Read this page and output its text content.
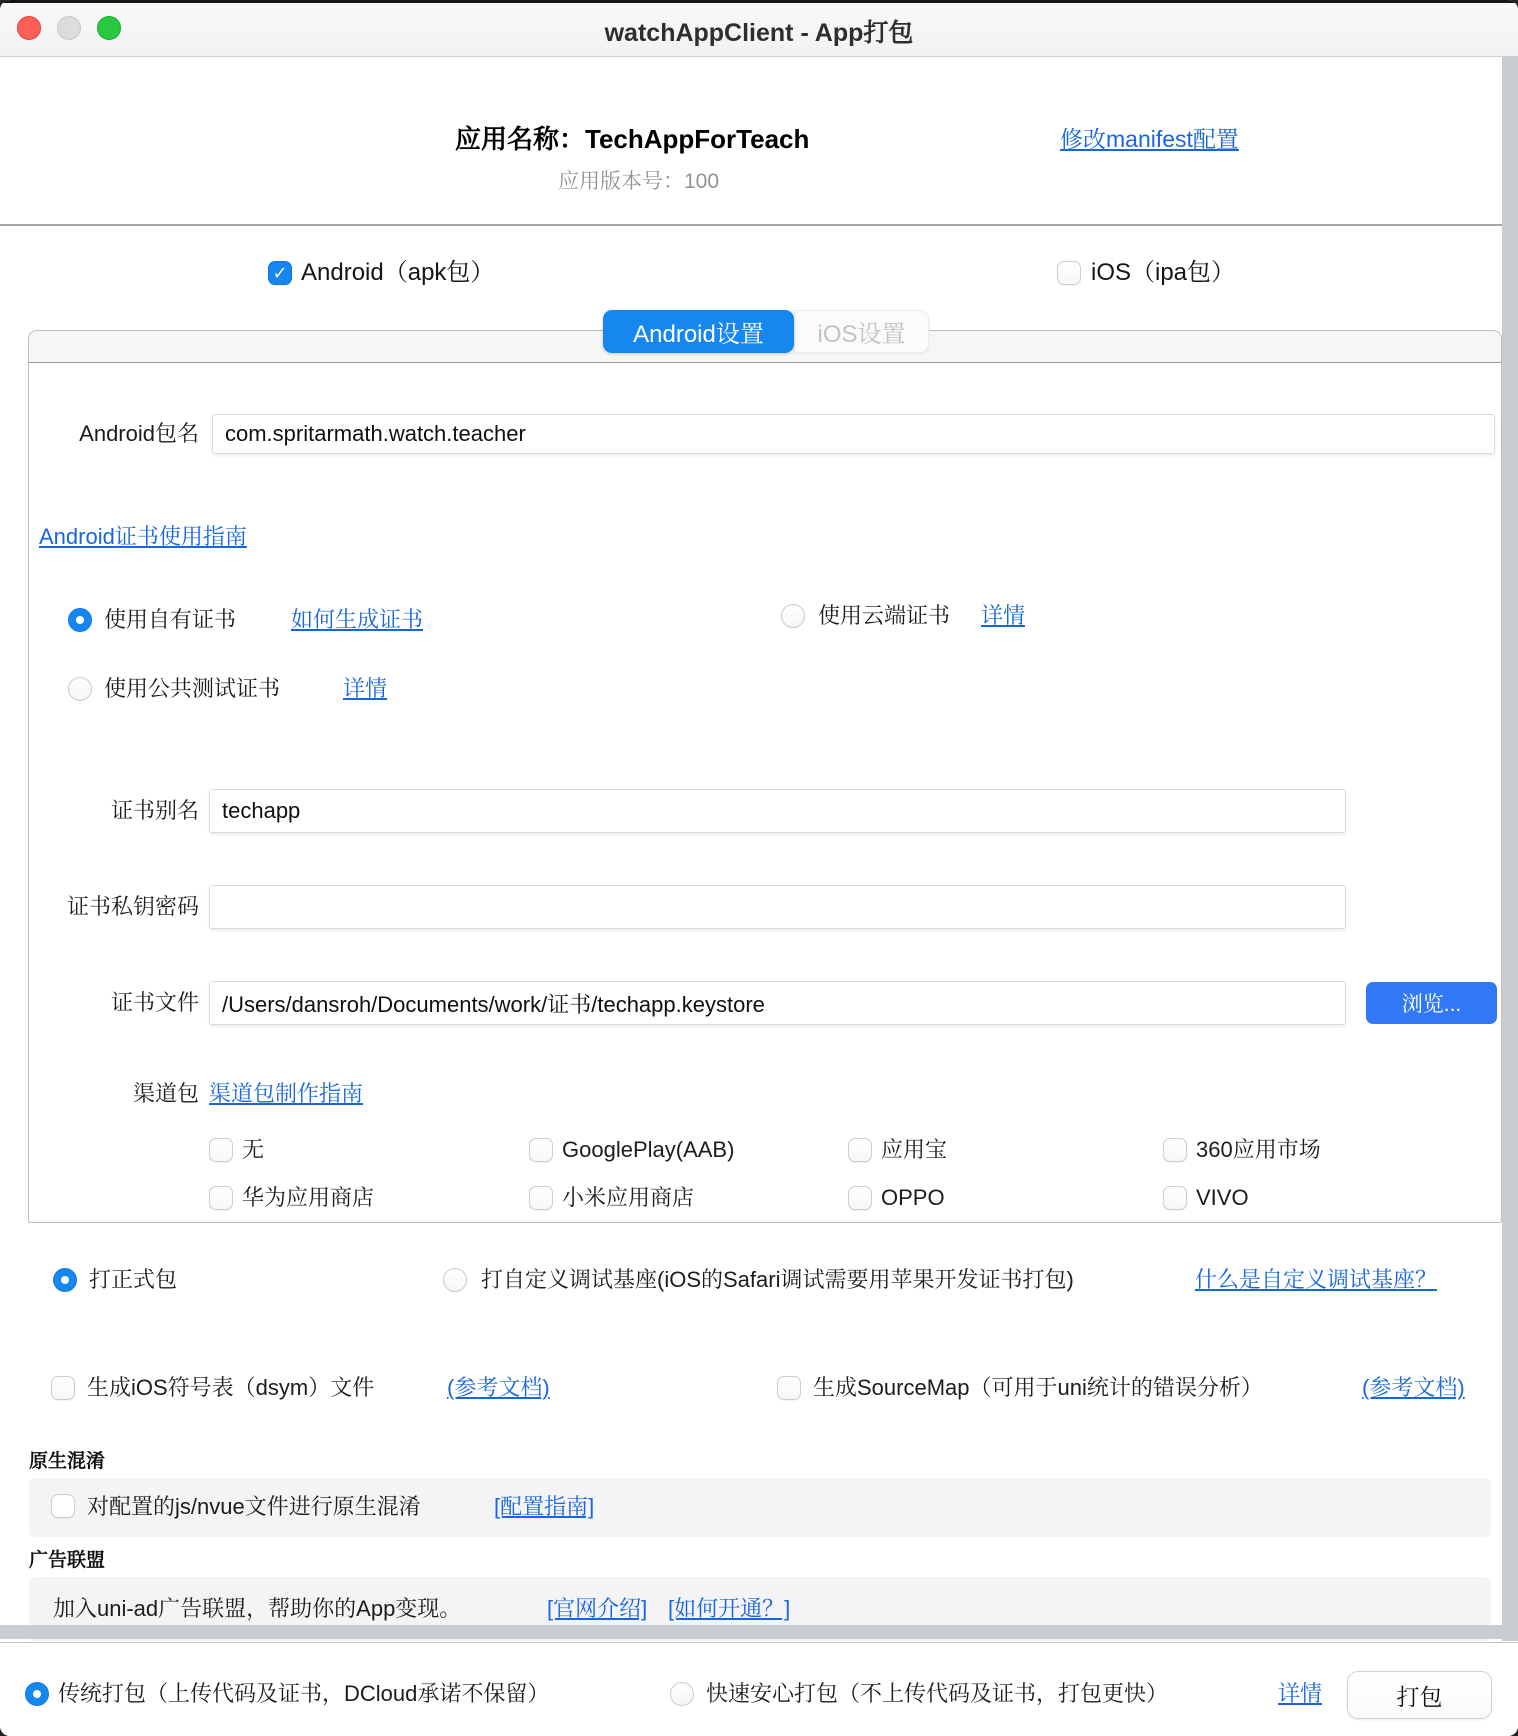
watchAppClient - App打包
应用名称：TechAppForTeach	修改manifest配置
应用版本号：100
✓
Android（apk包）	iOS（ipa包）
iOS设置
Android设置
Android包名	com.spritarmath.watch.teacher
Android证书使用指南
使用自有证书 如何生成证书	使用云端证书 详情
使用公共测试证书	详情
证书别名	techapp
证书私钥密码
证书文件	/Users/dansroh/Documents/work/证书/techapp.keystore	浏览...
渠道包 渠道包制作指南
无	GooglePlay(AAB)	应用宝	360应用市场
华为应用商店	小米应用商店	OPPO	VIVO
打正式包	打自定义调试基座(iOS的Safari调试需要用苹果开发证书打包)	什么是自定义调试基座？
生成iOS符号表（dsym）文件	(参考文档)	生成SourceMap（可用于uni统计的错误分析）	(参考文档)
原生混淆
对配置的js/nvue文件进行原生混淆	[配置指南]
广告联盟
加入uni-ad广告联盟，帮助你的App变现。	[官网介绍] [如何开通？]
传统打包（上传代码及证书，DCloud承诺不保留）	快速安心打包（不上传代码及证书，打包更快）	详情	打包
